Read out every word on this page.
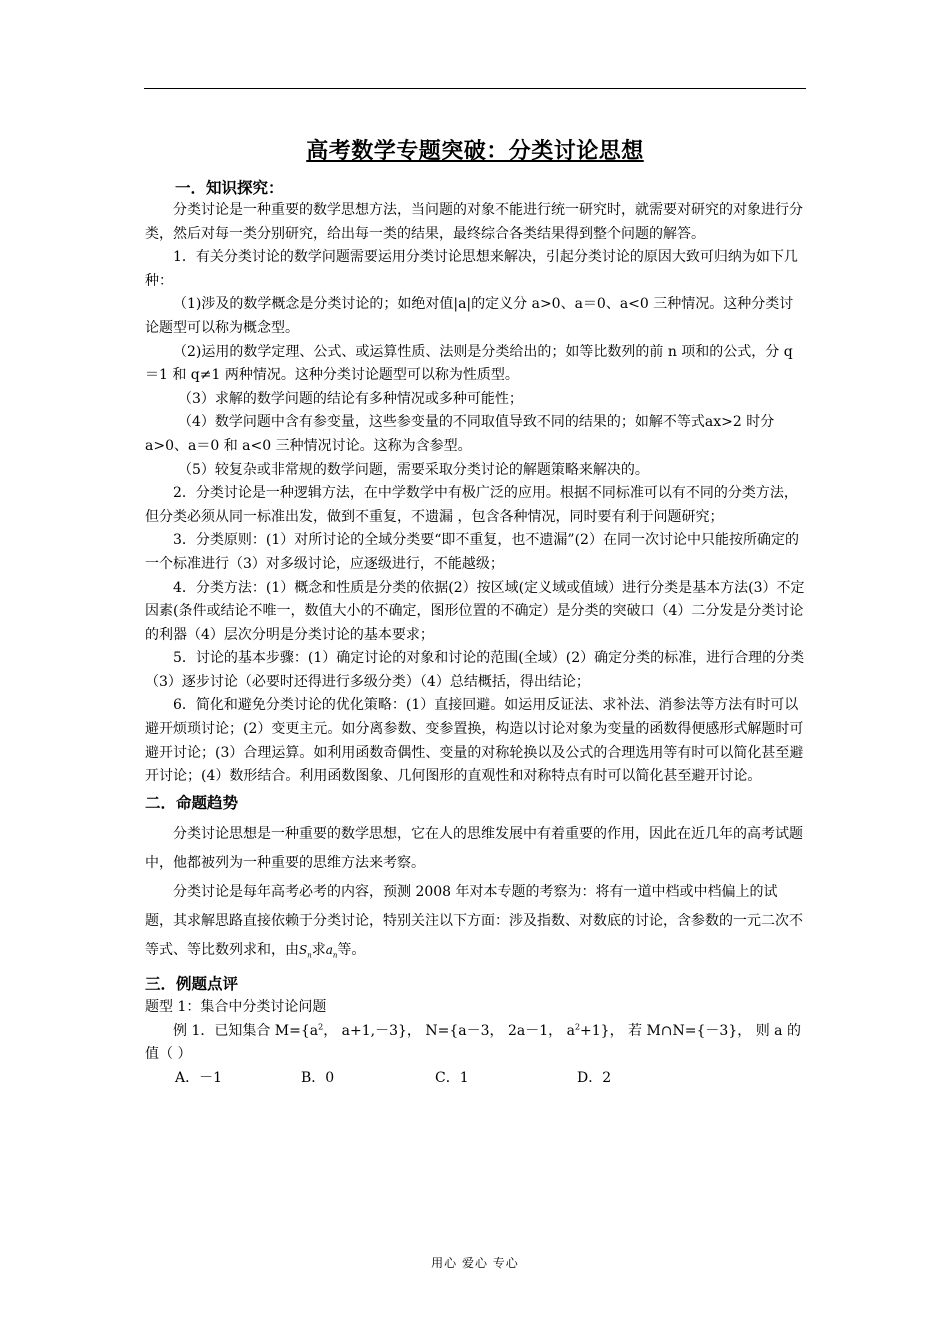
高考数学专题突破：分类讨论思想

一．知识探究：

分类讨论是一种重要的数学思想方法，当问题的对象不能进行统一研究时，就需要对研究的对象进行分类，然后对每一类分别研究，给出每一类的结果，最终综合各类结果得到整个问题的解答。

1．有关分类讨论的数学问题需要运用分类讨论思想来解决，引起分类讨论的原因大致可归纳为如下几种：

（1)涉及的数学概念是分类讨论的；如绝对值|a|的定义分 a>0、a＝0、a<0 三种情况。这种分类讨论题型可以称为概念型。

（2)运用的数学定理、公式、或运算性质、法则是分类给出的；如等比数列的前 n 项和的公式，分 q＝1 和 q≠1 两种情况。这种分类讨论题型可以称为性质型。

（3）求解的数学问题的结论有多种情况或多种可能性；

（4）数学问题中含有参变量，这些参变量的不同取值导致不同的结果的；如解不等式ax>2 时分 a>0、a＝0 和 a<0 三种情况讨论。这称为含参型。

（5）较复杂或非常规的数学问题，需要采取分类讨论的解题策略来解决的。

2．分类讨论是一种逻辑方法，在中学数学中有极广泛的应用。根据不同标准可以有不同的分类方法，但分类必须从同一标准出发，做到不重复，不遗漏 ，包含各种情况，同时要有利于问题研究；

3．分类原则：(1）对所讨论的全域分类要“即不重复，也不遗漏”(2）在同一次讨论中只能按所确定的一个标准进行（3）对多级讨论，应逐级进行，不能越级；

4．分类方法：(1）概念和性质是分类的依据(2）按区域(定义域或值域）进行分类是基本方法(3）不定因素(条件或结论不唯一，数值大小的不确定，图形位置的不确定）是分类的突破口（4）二分发是分类讨论的利器（4）层次分明是分类讨论的基本要求；

5．讨论的基本步骤：(1）确定讨论的对象和讨论的范围(全域）(2）确定分类的标准，进行合理的分类（3）逐步讨论（必要时还得进行多级分类）（4）总结概括，得出结论；

6．简化和避免分类讨论的优化策略：(1）直接回避。如运用反证法、求补法、消参法等方法有时可以避开烦琐讨论；(2）变更主元。如分离参数、变参置换，构造以讨论对象为变量的函数得便感形式解题时可避开讨论；(3）合理运算。如利用函数奇偶性、变量的对称轮换以及公式的合理选用等有时可以简化甚至避开讨论；(4）数形结合。利用函数图象、几何图形的直观性和对称特点有时可以简化甚至避开讨论。

二．命题趋势

分类讨论思想是一种重要的数学思想，它在人的思维发展中有着重要的作用，因此在近几年的高考试题中，他都被列为一种重要的思维方法来考察。

分类讨论是每年高考必考的内容，预测 2008 年对本专题的考察为：将有一道中档或中档偏上的试题，其求解思路直接依赖于分类讨论，特别关注以下方面：涉及指数、对数底的讨论，含参数的一元二次不等式、等比数列求和，由$S_n$求$a_n$等。

三．例题点评

题型 1：集合中分类讨论问题

例 1．已知集合 $M=\{a^2$， a+1,－3}， N={a－3， 2a－1， $a^2+1$}， 若 M∩N={－3}， 则 a 的值（ ）

A．－1	B．0	C．1	D．2
用心 爱心 专心
